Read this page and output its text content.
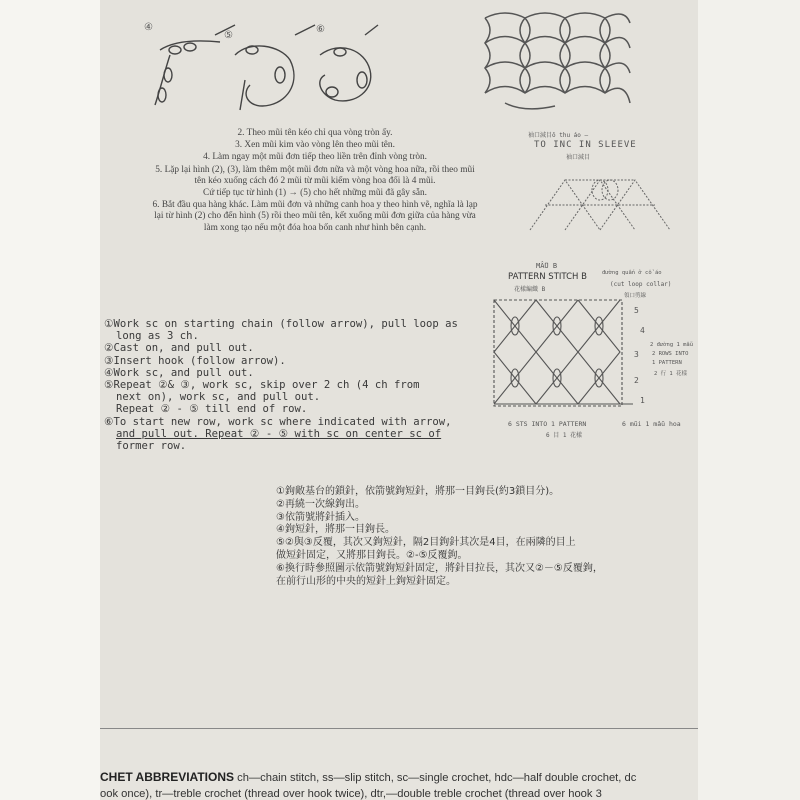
④
⑤
⑥
袖口減目ô thu áo —
TO INC IN SLEEVE
袖口減目
MẪU B
PATTERN STITCH B
花樣編織 B
đường quấn ở cổ áo
(cut loop collar)
領口剪線
5
4
3
2
1
2 đường 1 mẫu
2 ROWS INTO
1 PATTERN
2 行 1 花樣
6 STS INTO 1 PATTERN	6 mũi 1 mẫu hoa
6 目 1 花樣

2. Theo mũi tên kéo chỉ qua vòng tròn ấy.

3. Xen mũi kim vào vòng lên theo mũi tên.

4. Làm ngay một mũi đơn tiếp theo liền trên đỉnh vòng tròn.

5. Lặp lại hình (2), (3), làm thêm một mũi đơn nữa và một vòng hoa nữa, rồi theo mũi tên kéo xuống cách đó 2 mũi từ mũi kiếm vòng hoa đối là 4 mũi.

Cứ tiếp tục từ hình (1) → (5) cho hết những mũi đã gây sẵn.

6. Bắt đầu qua hàng khác. Làm mũi đơn và những canh hoa y theo hình vẽ, nghĩa là lạp lại từ hình (2) cho đến hình (5) rồi theo mũi tên, kết xuống mũi đơn giữa của hàng vừa làm xong tạo nếu một đóa hoa bốn canh như hình bên cạnh.

①Work sc on starting chain (follow arrow), pull loop as

long as 3 ch.

②Cast on, and pull out.

③Insert hook (follow arrow).

④Work sc, and pull out.

⑤Repeat ②& ③, work sc, skip over 2 ch (4 ch from

next on), work sc, and pull out.

Repeat ② - ⑤ till end of row.

⑥To start new row, work sc where indicated with arrow,

and pull out. Repeat ② - ⑤ with sc on center sc of

former row.

①鉤敞基台的鎖針，依箭號鉤短針，將那一目鉤長(約3鎖目分)。

②再繞一次線鉤出。

③依箭號將針插入。

④鉤短針，將那一目鉤長。

⑤②與③反覆，其次又鉤短針，隔2目鉤針其次是4目，在兩隣的目上

做短針固定，又將那目鉤長。②-⑤反覆鉤。

⑥換行時參照圖示依箭號鉤短針固定，將針目拉長，其次又②－⑤反覆鉤，

在前行山形的中央的短針上鉤短針固定。

CHET ABBREVIATIONS ch—chain stitch, ss—slip stitch, sc—single crochet, hdc—half double crochet, dc
ook once), tr—treble crochet (thread over hook twice), dtr,—double treble crochet (thread over hook 3
